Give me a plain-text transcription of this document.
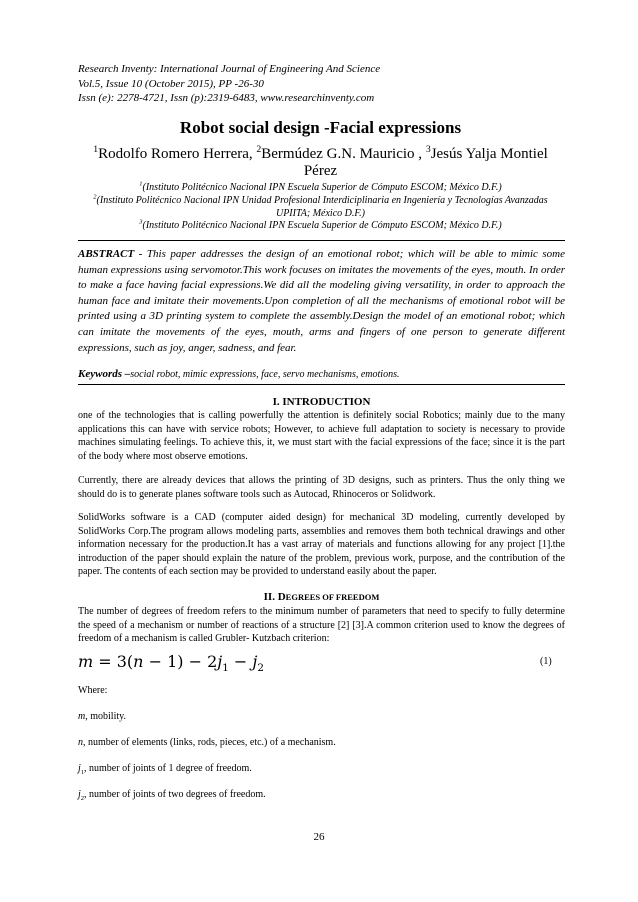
Research Inventy: International Journal of Engineering And Science
Vol.5, Issue 10 (October 2015), PP -26-30
Issn (e): 2278-4721, Issn (p):2319-6483, www.researchinventy.com
Robot social design -Facial expressions
$^1$Rodolfo Romero Herrera, $^2$Bermúdez G.N. Mauricio , $^3$Jesús Yalja Montiel Pérez
$^1$(Instituto Politécnico Nacional IPN Escuela Superior de Cómputo ESCOM; México D.F.)
$^2$(Instituto Politécnico Nacional IPN Unidad Profesional Interdiciplinaria en Ingeniería y Tecnologías Avanzadas UPIITA; México D.F.)
$^3$(Instituto Politécnico Nacional IPN Escuela Superior de Cómputo ESCOM; México D.F.)
ABSTRACT - This paper addresses the design of an emotional robot; which will be able to mimic some human expressions using servomotor.This work focuses on imitates the movements of the eyes, mouth. In order to make a face having facial expressions.We did all the modeling giving versatility, in order to approach the human face and imitate their movements.Upon completion of all the mechanisms of emotional robot will be printed using a 3D printing system to complete the assembly.Design the model of an emotional robot; which can imitate the movements of the eyes, mouth, arms and fingers of one person to generate different expressions, such as joy, anger, sadness, and fear.
Keywords –social robot, mimic expressions, face, servo mechanisms, emotions.
I. INTRODUCTION
one of the technologies that is calling powerfully the attention is definitely social Robotics; mainly due to the many applications this can have with service robots; However, to achieve full adaptation to society is necessary to provide machines simulating feelings. To achieve this, it, we must start with the facial expressions of the face; since it is the part of the body where most observe emotions.
Currently, there are already devices that allows the printing of 3D designs, such as printers. Thus the only thing we should do is to generate planes software tools such as Autocad, Rhinoceros or Solidwork.
SolidWorks software is a CAD (computer aided design) for mechanical 3D modeling, currently developed by SolidWorks Corp.The program allows modeling parts, assemblies and removes them both technical drawings and other information necessary for the production.It has a vast array of materials and functions allowing for any project [1].the introduction of the paper should explain the nature of the problem, previous work, purpose, and the contribution of the paper. The contents of each section may be provided to understand easily about the paper.
II. DEGREES OF FREEDOM
The number of degrees of freedom refers to the minimum number of parameters that need to specify to fully determine the speed of a mechanism or number of reactions of a structure [2] [3].A common criterion used to know the degrees of freedom of a mechanism is called Grubler- Kutzbach criterion:
$m = 3(n - 1) - 2j_1 - j_2$
(1)
Where:
m, mobility.
n, number of elements (links, rods, pieces, etc.) of a mechanism.
$j_1$, number of joints of 1 degree of freedom.
$j_2$, number of joints of two degrees of freedom.
26
